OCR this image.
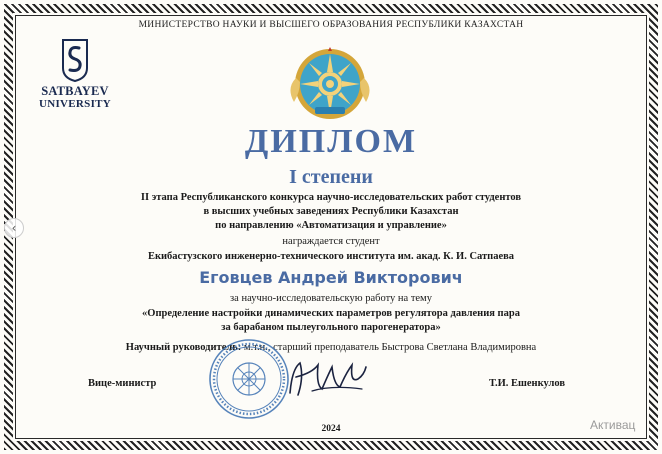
МИНИСТЕРСТВО НАУКИ И ВЫСШЕГО ОБРАЗОВАНИЯ РЕСПУБЛИКИ КАЗАХСТАН
SATBAYEV
UNIVERSITY
ДИПЛОМ
I степени
II этапа Республиканского конкурса научно-исследовательских работ студентов
в высших учебных заведениях Республики Казахстан
по направлению «Автоматизация и управление»
награждается студент
Екибастузского инженерно-технического института им. акад. К. И. Сатпаева
Еговцев Андрей Викторович
за научно-исследовательскую работу на тему
«Определение настройки динамических параметров регулятора давления пара
за барабаном пылеугольного парогенератора»
Научный руководитель: м.т.н., старший преподаватель Быстрова Светлана Владимировна
Вице-министр	Т.И. Ешенкулов
2024	Активац
‹
